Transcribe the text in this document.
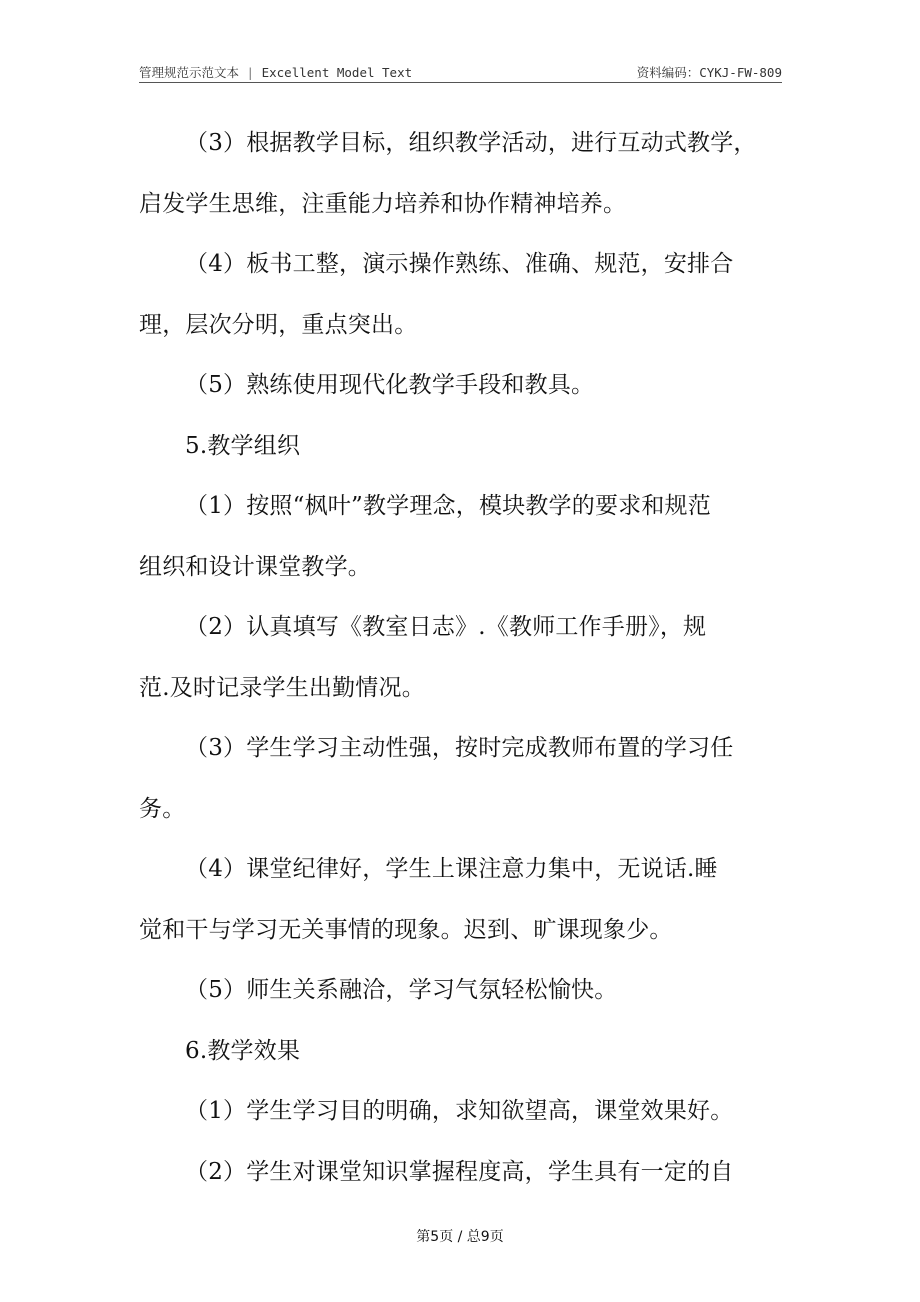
管理规范示范文本 | Excellent Model Text	资料编码：CYKJ-FW-809
（3）根据教学目标，组织教学活动，进行互动式教学，
启发学生思维，注重能力培养和协作精神培养。
（4）板书工整，演示操作熟练、准确、规范，安排合
理，层次分明，重点突出。
（5）熟练使用现代化教学手段和教具。
5.教学组织
（1）按照“枫叶”教学理念，模块教学的要求和规范
组织和设计课堂教学。
（2）认真填写《教室日志》.《教师工作手册》，规
范.及时记录学生出勤情况。
（3）学生学习主动性强，按时完成教师布置的学习任
务。
（4）课堂纪律好，学生上课注意力集中，无说话.睡
觉和干与学习无关事情的现象。迟到、旷课现象少。
（5）师生关系融洽，学习气氛轻松愉快。
6.教学效果
（1）学生学习目的明确，求知欲望高，课堂效果好。
（2）学生对课堂知识掌握程度高，学生具有一定的自
第5页 / 总9页
